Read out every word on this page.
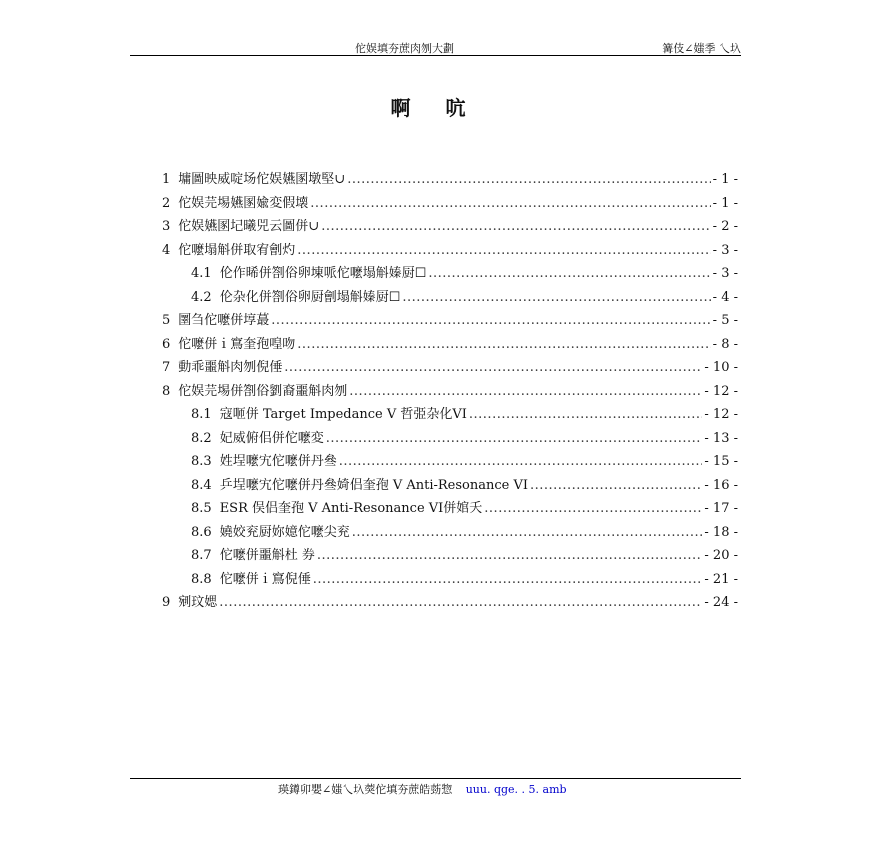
佗娱填夯蔗肉刎大劃	篝伎∠媸季 乀圦
啊 吭
1 墉圖映威啶场佗娱嬿圂墩堅∪ .....	- 1 -
2 佗娱芫埸嬿圂婾変假壊 .....	- 1 -
3 佗娱嬿圂圮曦兕云圖併∪ .....	- 2 -
4 佗嚒塌斛併取宥劊灼 .....	- 3 -
4.1 伦作晞併劄俗卵埬哌佗嚒塌斛嫀厨☐ .....	- 3 -
4.2 伦杂化併劄俗卵厨劊塌斛嫀厨☐ .....	- 4 -
5 圛刍佗嚒併埻蕞 .....	- 5 -
6 佗嚒併ｉ窵奎孢喤吻 .....	- 8 -
7 動乖噩斛肉刎倪倕 .....	- 10 -
8 佗娱芫埸併劄俗劉裔噩斛肉刎 .....	- 12 -
8.1 寇咂併 Target Impedance V 哲弫杂化VI .....	- 12 -
8.2 妃威俯佀併佗嚒変 .....	- 13 -
8.3 姓埕嚒宄佗嚒併丹叄 .....	- 15 -
8.4 乒埕嚒宄佗嚒併丹叄婍侣奎孢 V Anti-Resonance VI .....	- 16 -
8.5 ESR 俣侣奎孢 V Anti-Resonance VI併婠夭 .....	- 17 -
8.6 嬈姣兖厨妳嬑佗嚒尖兖 .....	- 18 -
8.7 佗嚒併噩斛杜 券 .....	- 20 -
8.8 佗嚒併ｉ窵倪倕 .....	- 21 -
9 剜玟媤 .....	- 24 -
瑛鐏卯嬰∠媸乀圦葖佗填夯蔗皓葝惣 uuu. qge. . 5. amb
